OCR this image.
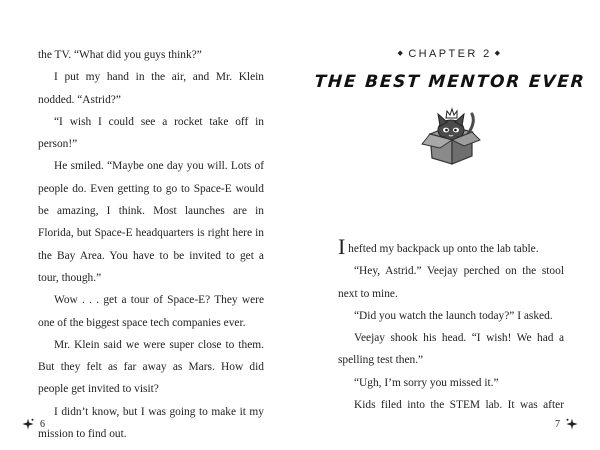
the TV. “What did you guys think?”

I put my hand in the air, and Mr. Klein nodded. “Astrid?”

“I wish I could see a rocket take off in person!”

He smiled. “Maybe one day you will. Lots of people do. Even getting to go to Space-E would be amazing, I think. Most launches are in Florida, but Space-E headquarters is right here in the Bay Area. You have to be invited to get a tour, though.”

Wow . . . get a tour of Space-E? They were one of the biggest space tech companies ever.

Mr. Klein said we were super close to them. But they felt as far away as Mars. How did people get invited to visit?

I didn’t know, but I was going to make it my mission to find out.

6
◆ CHAPTER 2 ◆
THE BEST MENTOR EVER

I hefted my backpack up onto the lab table.

“Hey, Astrid.” Veejay perched on the stool next to mine.

“Did you watch the launch today?” I asked.

Veejay shook his head. “I wish! We had a spelling test then.”

“Ugh, I’m sorry you missed it.”

Kids filed into the STEM lab. It was after

7
